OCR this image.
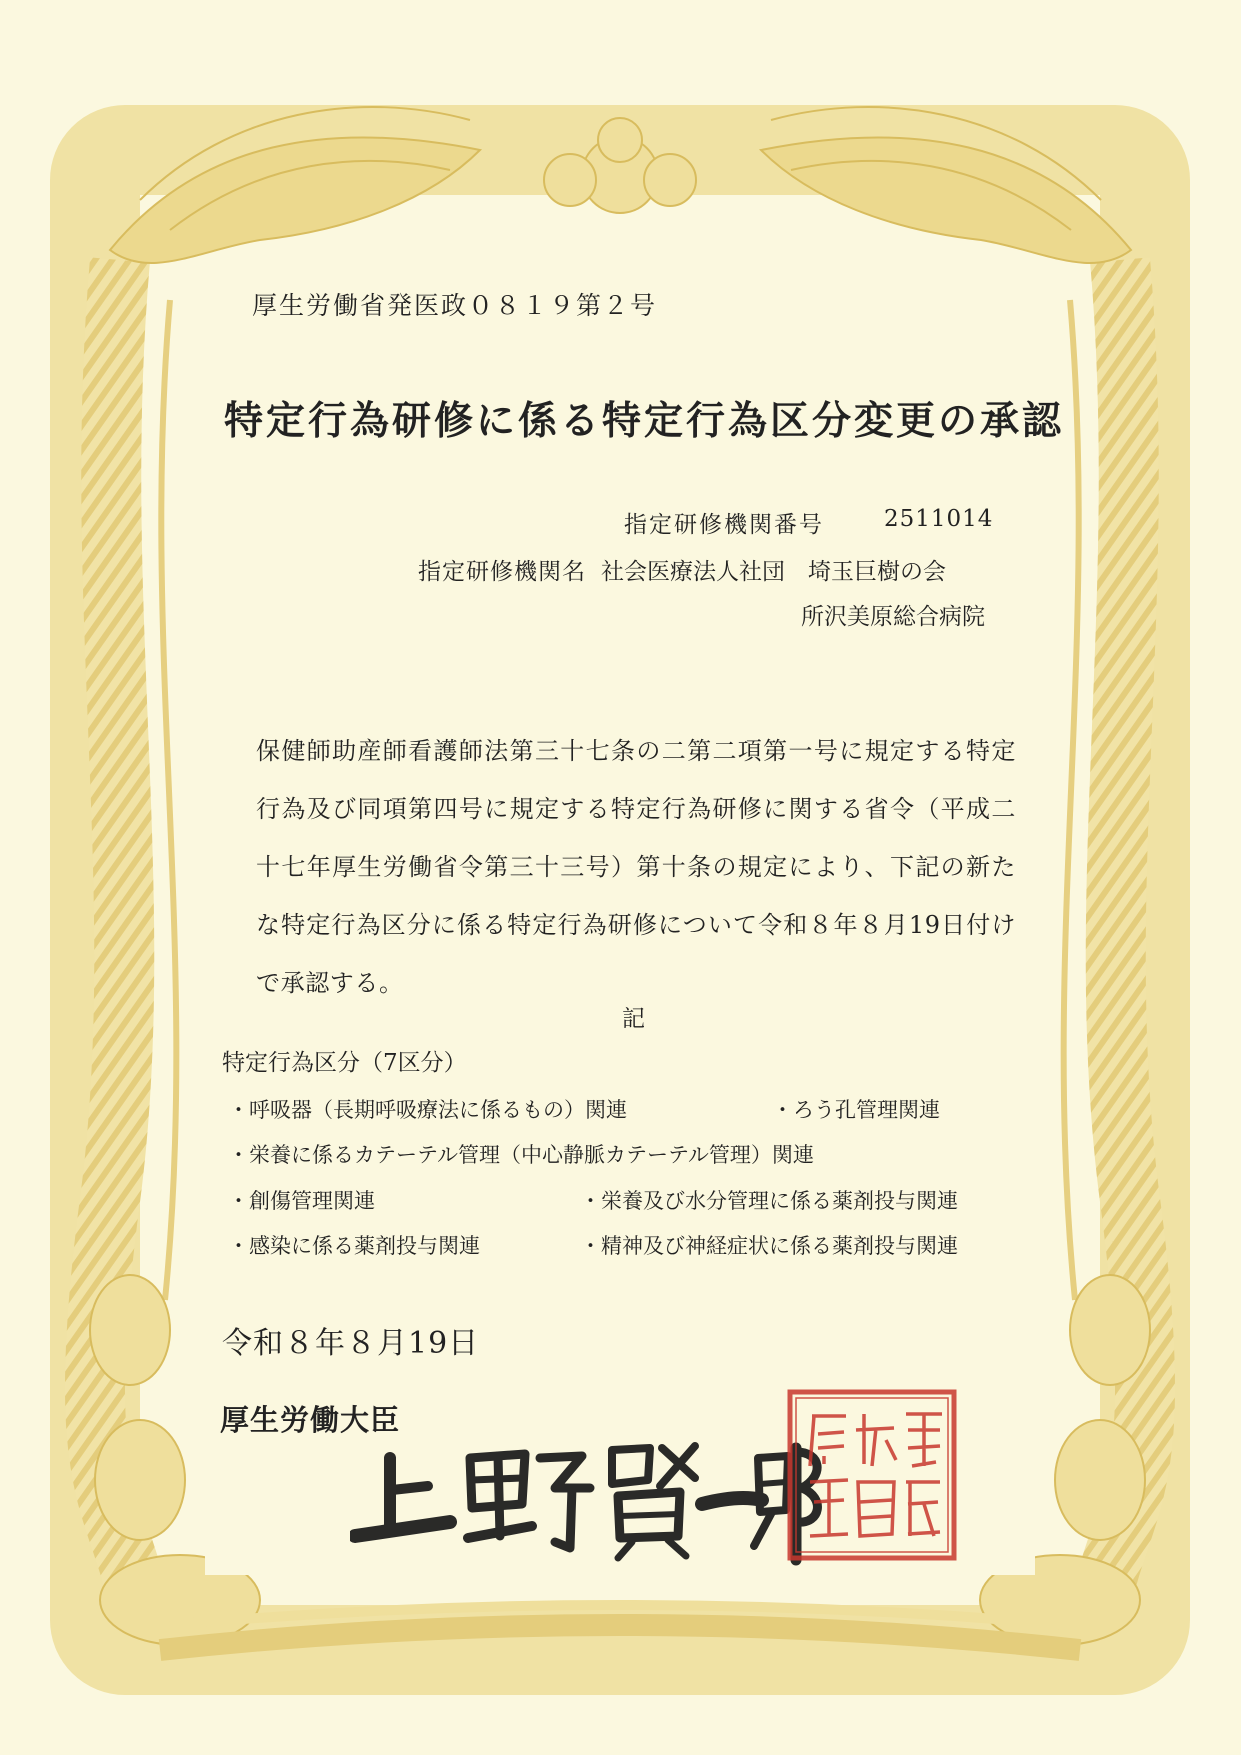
厚生労働省発医政０８１９第２号
特定行為研修に係る特定行為区分変更の承認
指定研修機関番号	2511014
指定研修機関名 社会医療法人社団　埼玉巨樹の会
所沢美原総合病院
保健師助産師看護師法第三十七条の二第二項第一号に規定する特定行為及び同項第四号に規定する特定行為研修に関する省令（平成二十七年厚生労働省令第三十三号）第十条の規定により、下記の新たな特定行為区分に係る特定行為研修について令和８年８月19日付けで承認する。
記
特定行為区分（7区分）
・呼吸器（長期呼吸療法に係るもの）関連	・ろう孔管理関連
・栄養に係るカテーテル管理（中心静脈カテーテル管理）関連
・創傷管理関連	・栄養及び水分管理に係る薬剤投与関連
・感染に係る薬剤投与関連	・精神及び神経症状に係る薬剤投与関連
令和８年８月19日
厚生労働大臣
